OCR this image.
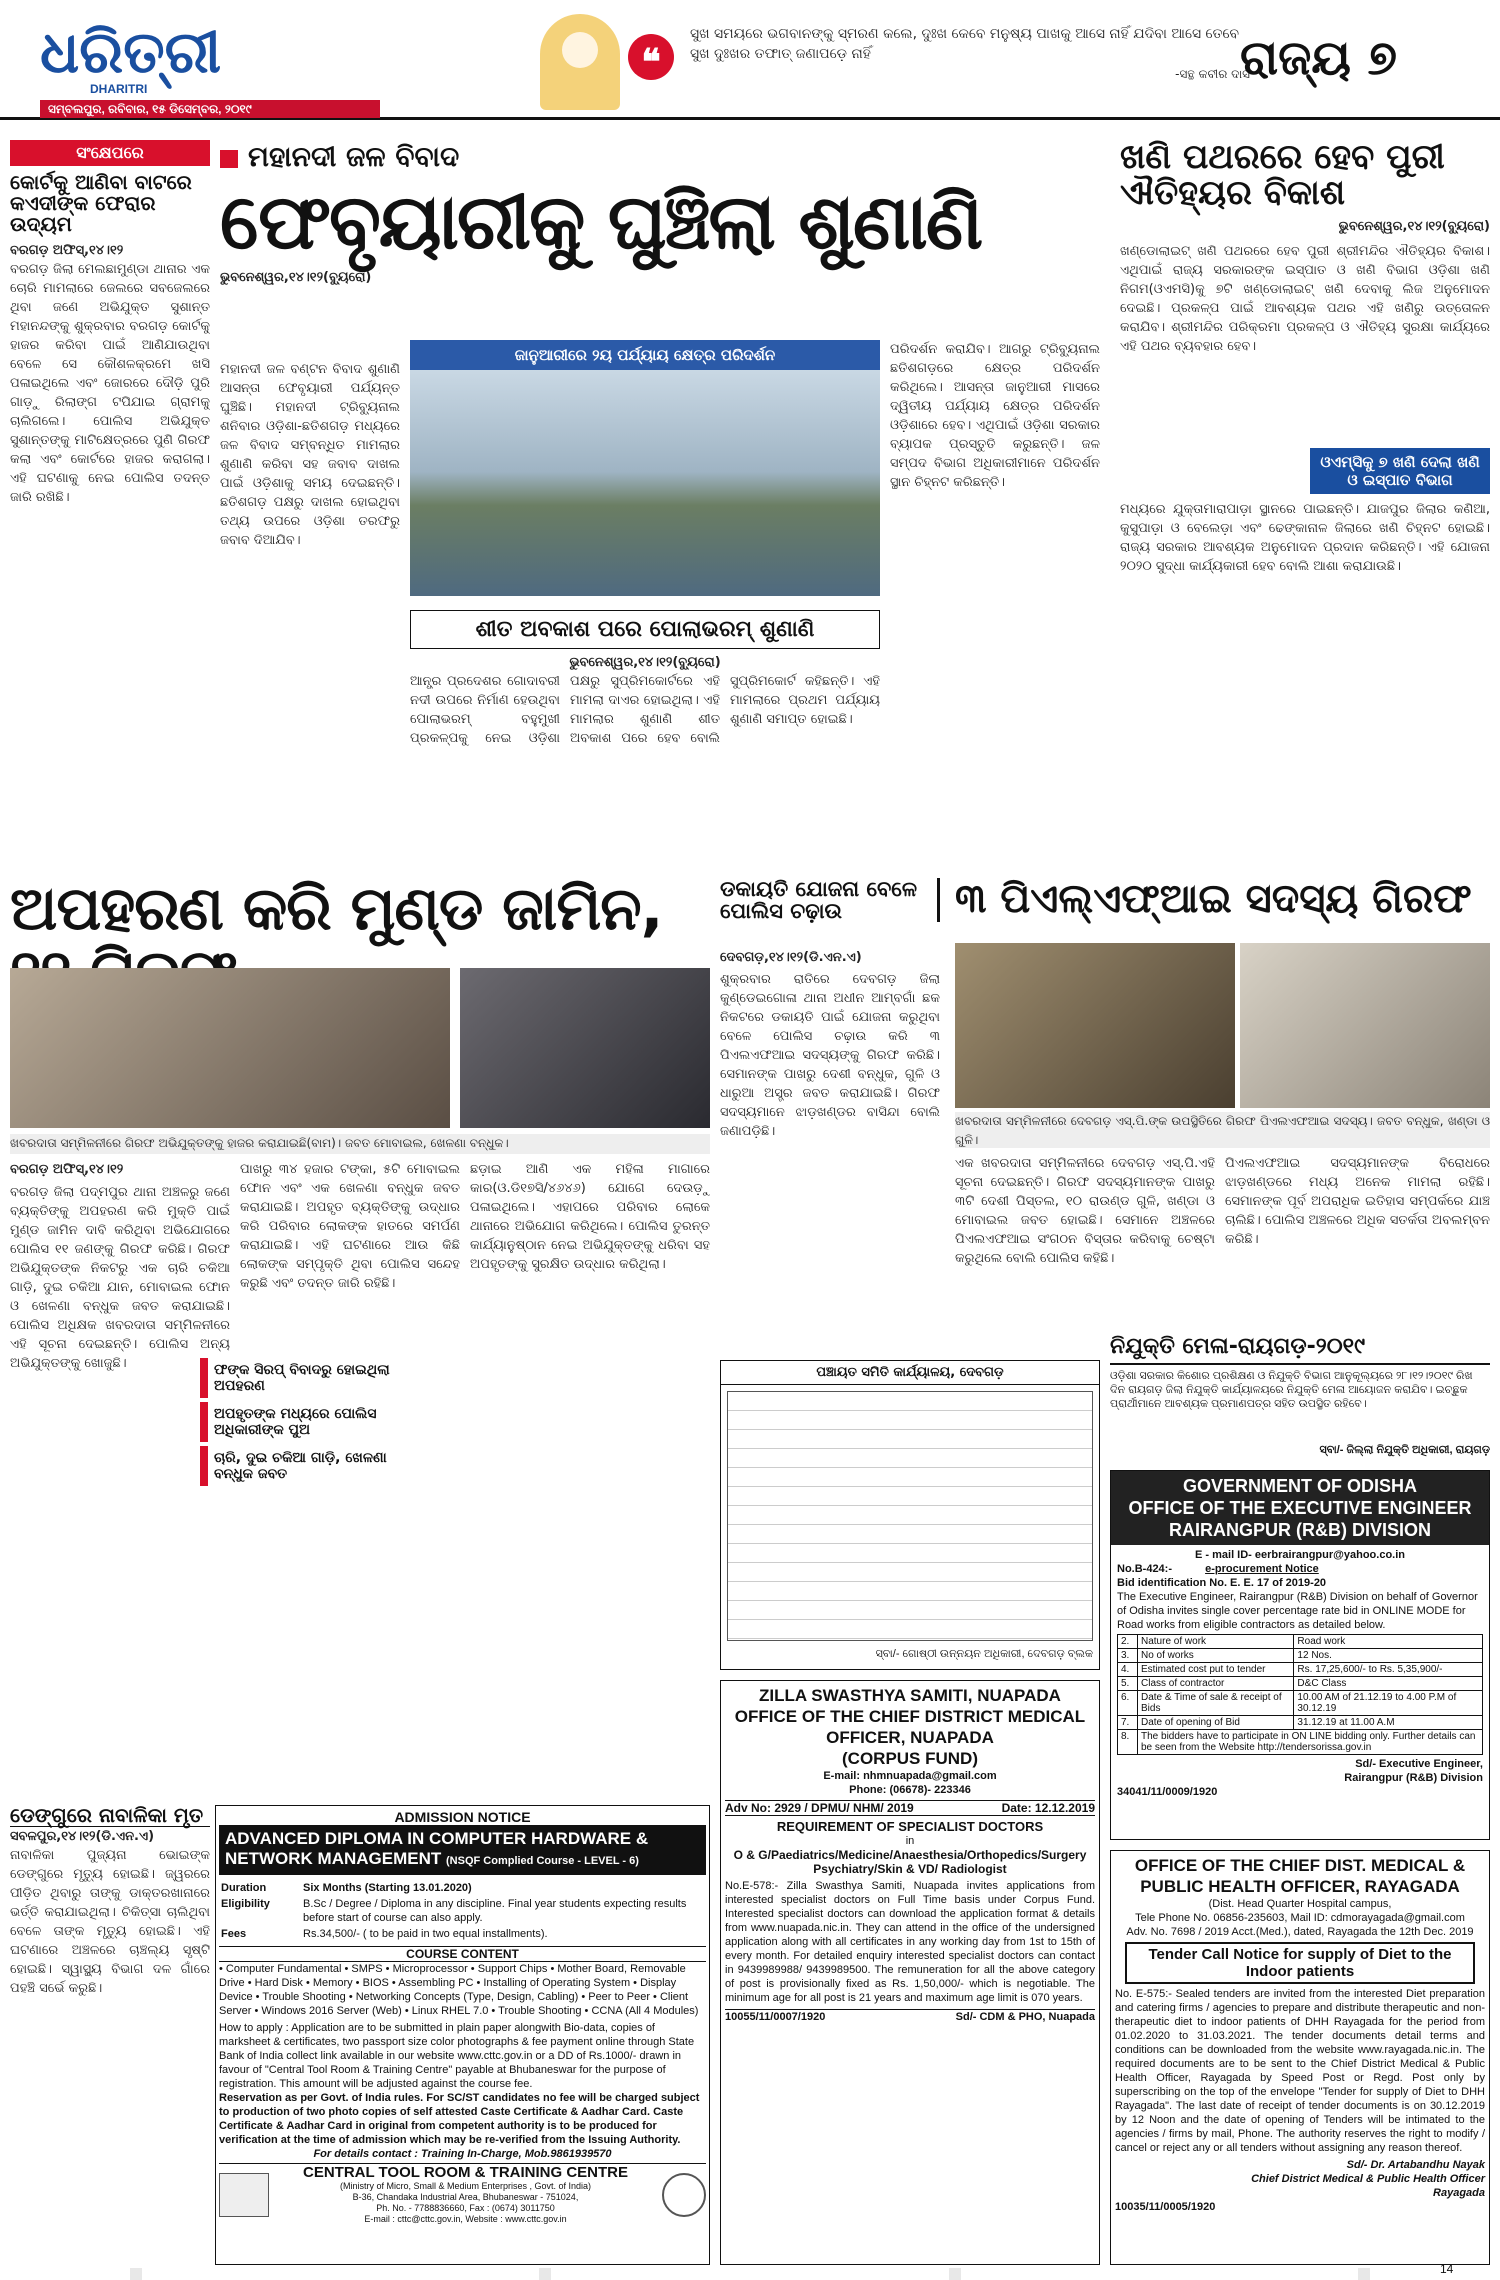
ଧରିତ୍ରୀ
DHARITRI
ସମ୍ବଲପୁର, ରବିବାର, ୧୫ ଡିସେମ୍ବର, ୨୦୧୯
❝
ସୁଖ ସମୟରେ ଭଗବାନଙ୍କୁ ସ୍ମରଣ କଲେ, ଦୁଃଖ କେବେ ମନୁଷ୍ୟ ପାଖକୁ ଆସେ ନାହିଁ ଯଦିବା ଆସେ ତେବେ ସୁଖ ଦୁଃଖର ତଫାତ୍ ଜଣାପଡ଼େ ନାହିଁ
-ସନ୍ଥ କବୀର ଦାସ
ରାଜ୍ୟ ୭
ସଂକ୍ଷେପରେ
କୋର୍ଟକୁ ଆଣିବା ବାଟରେ କଏଦୀଙ୍କ ଫେରାର ଉଦ୍ୟମ
ବରଗଡ଼ ଅଫିସ୍,୧୪।୧୨
ବରଗଡ଼ ଜିଲା ମେଲଛାମୁଣ୍ଡା ଥାନାର ଏକ ଚୋରି ମାମଲାରେ ଜେଲରେ ସବଜେଲରେ ଥିବା ଜଣେ ଅଭିଯୁକ୍ତ ସୁଶାନ୍ତ ମହାନନ୍ଦଙ୍କୁ ଶୁକ୍ରବାର ବରଗଡ଼ କୋର୍ଟକୁ ହାଜର କରିବା ପାଇଁ ଆଣିଯାଉଥିବା ବେଳେ ସେ କୌଶଳକ୍ରମେ ଖସି ପଳାଇଥିଲେ ଏବଂ ଜୋରରେ ଦୌଡ଼ି ପୁରି ଗାଡ଼ୁ ରିଲାଙ୍ଗ ଟପିଯାଇ ଗ୍ରାମକୁ ଚାଲିଗଲେ। ପୋଲିସ ଅଭିଯୁକ୍ତ ସୁଶାନ୍ତଙ୍କୁ ମାଟିକ୍ଷେତ୍ରରେ ପୁଣି ଗିରଫ କଲା ଏବଂ କୋର୍ଟରେ ହାଜର କରାଗଲା। ଏହି ଘଟଣାକୁ ନେଇ ପୋଲିସ ତଦନ୍ତ ଜାରି ରଖିଛି।
ମହାନଦୀ ଜଳ ବିବାଦ
ଫେବୃୟାରୀକୁ ଘୁଞ୍ଚିଲା ଶୁଣାଣି
ଭୁବନେଶ୍ୱର,୧୪।୧୨(ବ୍ୟୁରୋ)
ମହାନଦୀ ଜଳ ବଣ୍ଟନ ବିବାଦ ଶୁଣାଣି ଆସନ୍ତା ଫେବୃୟାରୀ ପର୍ଯ୍ୟନ୍ତ ଘୁଞ୍ଚିଛି। ମହାନଦୀ ଟ୍ରିବ୍ୟୁନାଲ ଶନିବାର ଓଡ଼ିଶା-ଛତିଶଗଡ଼ ମଧ୍ୟରେ ଜଳ ବିବାଦ ସମ୍ବନ୍ଧିତ ମାମଲାର ଶୁଣାଣି କରିବା ସହ ଜବାବ ଦାଖଲ ପାଇଁ ଓଡ଼ିଶାକୁ ସମୟ ଦେଇଛନ୍ତି। ଛତିଶଗଡ଼ ପକ୍ଷରୁ ଦାଖଲ ହୋଇଥିବା ତଥ୍ୟ ଉପରେ ଓଡ଼ିଶା ତରଫରୁ ଜବାବ ଦିଆଯିବ।
ଜାନୁଆରୀରେ ୨ୟ ପର୍ଯ୍ୟାୟ କ୍ଷେତ୍ର ପରିଦର୍ଶନ	ପରିଦର୍ଶନ କରାଯିବ। ଆଗରୁ ଟ୍ରିବ୍ୟୁନାଲ ଛତିଶଗଡ଼ରେ କ୍ଷେତ୍ର ପରିଦର୍ଶନ କରିଥିଲେ। ଆସନ୍ତା ଜାନୁଆରୀ ମାସରେ ଦ୍ୱିତୀୟ ପର୍ଯ୍ୟାୟ କ୍ଷେତ୍ର ପରିଦର୍ଶନ ଓଡ଼ିଶାରେ ହେବ। ଏଥିପାଇଁ ଓଡ଼ିଶା ସରକାର ବ୍ୟାପକ ପ୍ରସ୍ତୁତି କରୁଛନ୍ତି। ଜଳ ସମ୍ପଦ ବିଭାଗ ଅଧିକାରୀମାନେ ପରିଦର୍ଶନ ସ୍ଥାନ ଚିହ୍ନଟ କରିଛନ୍ତି।
ଶୀତ ଅବକାଶ ପରେ ପୋଲାଭରମ୍ ଶୁଣାଣି
ଭୁବନେଶ୍ୱର,୧୪।୧୨(ବ୍ୟୁରୋ)
ଆନ୍ଧ୍ର ପ୍ରଦେଶର ଗୋଦାବରୀ ନଦୀ ଉପରେ ନିର୍ମାଣ ହେଉଥିବା ପୋଲାଭରମ୍ ବହୁମୁଖୀ ପ୍ରକଳ୍ପକୁ ନେଇ ଓଡ଼ିଶା ପକ୍ଷରୁ ସୁପ୍ରିମକୋର୍ଟରେ ଏହି ମାମଲା ଦାଏର ହୋଇଥିଲା। ଏହି ମାମଲାର ଶୁଣାଣି ଶୀତ ଅବକାଶ ପରେ ହେବ ବୋଲି ସୁପ୍ରିମକୋର୍ଟ କହିଛନ୍ତି। ଏହି ମାମଲାରେ ପ୍ରଥମ ପର୍ଯ୍ୟାୟ ଶୁଣାଣି ସମାପ୍ତ ହୋଇଛି।
ଖଣି ପଥରରେ ହେବ ପୁରୀ ଐତିହ୍ୟର ବିକାଶ
ଭୁବନେଶ୍ୱର,୧୪।୧୨(ବ୍ୟୁରୋ)
ଖଣ୍ଡୋଲାଇଟ୍ ଖଣି ପଥରରେ ହେବ ପୁରୀ ଶ୍ରୀମନ୍ଦିର ଐତିହ୍ୟର ବିକାଶ। ଏଥିପାଇଁ ରାଜ୍ୟ ସରକାରଙ୍କ ଇସ୍ପାତ ଓ ଖଣି ବିଭାଗ ଓଡ଼ିଶା ଖଣି ନିଗମ(ଓଏମସି)କୁ ୭ଟି ଖଣ୍ଡୋଲାଇଟ୍ ଖଣି ଦେବାକୁ ଲିଜ ଅନୁମୋଦନ ଦେଇଛି। ପ୍ରକଳ୍ପ ପାଇଁ ଆବଶ୍ୟକ ପଥର ଏହି ଖଣିରୁ ଉତ୍ତୋଳନ କରାଯିବ। ଶ୍ରୀମନ୍ଦିର ପରିକ୍ରମା ପ୍ରକଳ୍ପ ଓ ଐତିହ୍ୟ ସୁରକ୍ଷା କାର୍ଯ୍ୟରେ ଏହି ପଥର ବ୍ୟବହାର ହେବ।
ଓଏମ୍‌ସିକୁ ୭ ଖଣି ଦେଲା ଖଣି ଓ ଇସ୍ପାତ ବିଭାଗ
ମଧ୍ୟରେ ଯୁକ୍ତାମାରାପାଡ଼ା ସ୍ଥାନରେ ପାଇଛନ୍ତି। ଯାଜପୁର ଜିଲାର କଣିଆ, କୁସୁପାଡ଼ା ଓ ବେଲେଡ଼ା ଏବଂ ଢେଙ୍କାନାଳ ଜିଲାରେ ଖଣି ଚିହ୍ନଟ ହୋଇଛି। ରାଜ୍ୟ ସରକାର ଆବଶ୍ୟକ ଅନୁମୋଦନ ପ୍ରଦାନ କରିଛନ୍ତି। ଏହି ଯୋଜନା ୨୦୨୦ ସୁଦ୍ଧା କାର୍ଯ୍ୟକାରୀ ହେବ ବୋଲି ଆଶା କରାଯାଉଛି।
ଅପହରଣ କରି ମୁଣ୍ଡ ଜାମିନ,
ଖବରଦାତା ସମ୍ମିଳନୀରେ ଗିରଫ ଅଭିଯୁକ୍ତଙ୍କୁ ହାଜର କରାଯାଇଛି(ବାମ)। ଜବତ ମୋବାଇଲ, ଖେଳଣା ବନ୍ଧୁକ।
ବରଗଡ଼ ଅଫିସ୍,୧୪।୧୨
ବରଗଡ଼ ଜିଲା ପଦ୍ମପୁର ଥାନା ଅଞ୍ଚଳରୁ ଜଣେ ବ୍ୟକ୍ତିଙ୍କୁ ଅପହରଣ କରି ମୁକ୍ତି ପାଇଁ ମୁଣ୍ଡ ଜାମିନ ଦାବି କରିଥିବା ଅଭିଯୋଗରେ ପୋଲିସ ୧୧ ଜଣଙ୍କୁ ଗିରଫ କରିଛି। ଗିରଫ ଅଭିଯୁକ୍ତଙ୍କ ନିକଟରୁ ଏକ ଚାରି ଚକିଆ ଗାଡ଼ି, ଦୁଇ ଚକିଆ ଯାନ, ମୋବାଇଲ ଫୋନ ଓ ଖେଳଣା ବନ୍ଧୁକ ଜବତ କରାଯାଇଛି। ପୋଲିସ ଅଧିକ୍ଷକ ଖବରଦାତା ସମ୍ମିଳନୀରେ ଏହି ସୂଚନା ଦେଇଛନ୍ତି। ପୋଲିସ ଅନ୍ୟ ଅଭିଯୁକ୍ତଙ୍କୁ ଖୋଜୁଛି।
ପାଖରୁ ୩୪ ହଜାର ଟଙ୍କା, ୫ଟି ମୋବାଇଲ ଫୋନ ଏବଂ ଏକ ଖେଳଣା ବନ୍ଧୁକ ଜବତ କରାଯାଇଛି। ଅପହୃତ ବ୍ୟକ୍ତିଙ୍କୁ ଉଦ୍ଧାର କରି ପରିବାର ଲୋକଙ୍କ ହାତରେ ସମର୍ପଣ କରାଯାଇଛି। ଏହି ଘଟଣାରେ ଆଉ କିଛି ଲୋକଙ୍କ ସମ୍ପୃକ୍ତି ଥିବା ପୋଲିସ ସନ୍ଦେହ କରୁଛି ଏବଂ ତଦନ୍ତ ଜାରି ରହିଛି।
ଛଡ଼ାଇ ଆଣି ଏକ ମହିଳା ମାଗାରେ କାର(ଓ.ଡି୧୭ସି/୪୬୪୬) ଯୋଗେ ଦେଉଡ଼ୁ ପଳାଇଥିଲେ। ଏହାପରେ ପରିବାର ଲୋକେ ଥାନାରେ ଅଭିଯୋଗ କରିଥିଲେ। ପୋଲିସ ତୁରନ୍ତ କାର୍ଯ୍ୟାନୁଷ୍ଠାନ ନେଇ ଅଭିଯୁକ୍ତଙ୍କୁ ଧରିବା ସହ ଅପହୃତଙ୍କୁ ସୁରକ୍ଷିତ ଉଦ୍ଧାର କରିଥିଲା।
ଫଙ୍କ ସିରପ୍ ବିବାଦରୁ ହୋଇଥିଲା ଅପହରଣ
ଅପହୃତଙ୍କ ମଧ୍ୟରେ ପୋଲିସ ଅଧିକାରୀଙ୍କ ପୁଅ
ଚାରି, ଦୁଇ ଚକିଆ ଗାଡ଼ି, ଖେଳଣା ବନ୍ଧୁକ ଜବତ
ଡକାୟତି ଯୋଜନା ବେଳେ ପୋଲିସ ଚଢ଼ାଉ	୩ ପିଏଲ୍‌ଏଫ୍‌ଆଇ ସଦସ୍ୟ ଗିରଫ
ଦେବଗଡ଼,୧୪।୧୨(ଡି.ଏନ.ଏ)
ଶୁକ୍ରବାର ରାତିରେ ଦେବଗଡ଼ ଜିଲା କୁଣ୍ଡେଇଗୋଳା ଥାନା ଅଧୀନ ଆମ୍ବଗାଁ ଛକ ନିକଟରେ ଡକାୟତି ପାଇଁ ଯୋଜନା କରୁଥିବା ବେଳେ ପୋଲିସ ଚଢ଼ାଉ କରି ୩ ପିଏଲଏଫଆଇ ସଦସ୍ୟଙ୍କୁ ଗିରଫ କରିଛି। ସେମାନଙ୍କ ପାଖରୁ ଦେଶୀ ବନ୍ଧୁକ, ଗୁଳି ଓ ଧାରୁଆ ଅସ୍ତ୍ର ଜବତ କରାଯାଇଛି। ଗିରଫ ସଦସ୍ୟମାନେ ଝାଡ଼ଖଣ୍ଡର ବାସିନ୍ଦା ବୋଲି ଜଣାପଡ଼ିଛି।
ଖବରଦାତା ସମ୍ମିଳନୀରେ ଦେବଗଡ଼ ଏସ୍.ପି.ଙ୍କ ଉପସ୍ଥିତିରେ ଗିରଫ ପିଏଲଏଫଆଇ ସଦସ୍ୟ। ଜବତ ବନ୍ଧୁକ, ଖଣ୍ଡା ଓ ଗୁଳି।
ଏକ ଖବରଦାତା ସମ୍ମିଳନୀରେ ଦେବଗଡ଼ ଏସ୍.ପି.ଏହି ସୂଚନା ଦେଇଛନ୍ତି। ଗିରଫ ସଦସ୍ୟମାନଙ୍କ ପାଖରୁ ୩ଟି ଦେଶୀ ପିସ୍ତଲ, ୧୦ ରାଉଣ୍ଡ ଗୁଳି, ଖଣ୍ଡା ଓ ମୋବାଇଲ ଜବତ ହୋଇଛି। ସେମାନେ ଅଞ୍ଚଳରେ ପିଏଲଏଫଆଇ ସଂଗଠନ ବିସ୍ତାର କରିବାକୁ ଚେଷ୍ଟା କରୁଥିଲେ ବୋଲି ପୋଲିସ କହିଛି।
ପିଏଲଏଫଆଇ ସଦସ୍ୟମାନଙ୍କ ବିରୋଧରେ ଝାଡ଼ଖଣ୍ଡରେ ମଧ୍ୟ ଅନେକ ମାମଲା ରହିଛି। ସେମାନଙ୍କ ପୂର୍ବ ଅପରାଧିକ ଇତିହାସ ସମ୍ପର୍କରେ ଯାଞ୍ଚ ଚାଲିଛି। ପୋଲିସ ଅଞ୍ଚଳରେ ଅଧିକ ସତର୍କତା ଅବଲମ୍ବନ କରିଛି।
ନିଯୁକ୍ତି ମେଳା-ରାୟଗଡ଼-୨୦୧୯
ଓଡ଼ିଶା ସରକାର କିଶୋର ପ୍ରଶିକ୍ଷଣ ଓ ନିଯୁକ୍ତି ବିଭାଗ ଆନୁକୂଲ୍ୟରେ ୨୮।୧୨।୨୦୧୯ ରିଖ ଦିନ ରାୟଗଡ଼ ଜିଲା ନିଯୁକ୍ତି କାର୍ଯ୍ୟାଳୟରେ ନିଯୁକ୍ତି ମେଳା ଆୟୋଜନ କରାଯିବ। ଇଚ୍ଛୁକ ପ୍ରାର୍ଥୀମାନେ ଆବଶ୍ୟକ ପ୍ରମାଣପତ୍ର ସହିତ ଉପସ୍ଥିତ ରହିବେ।
ସ୍ବା/- ଜିଲ୍ଲା ନିଯୁକ୍ତି ଅଧିକାରୀ, ରାୟଗଡ଼
ପଞ୍ଚାୟତ ସମିତି କାର୍ଯ୍ୟାଳୟ, ଦେବଗଡ଼
ସ୍ବା/- ଗୋଷ୍ଠୀ ଉନ୍ନୟନ ଅଧିକାରୀ, ଦେବଗଡ଼ ବ୍ଲକ
GOVERNMENT OF ODISHA
OFFICE OF THE EXECUTIVE ENGINEER
RAIRANGPUR (R&B) DIVISION
E - mail ID- eerbrairangpur@yahoo.co.in
No.B-424:-	e-procurement Notice
Bid identification No. E. E. 17 of 2019-20
The Executive Engineer, Rairangpur (R&B) Division on behalf of Governor of Odisha invites single cover percentage rate bid in ONLINE MODE for Road works from eligible contractors as detailed below.
2.	Nature of work	Road work
3.	No of works	12 Nos.
4.	Estimated cost put to tender	Rs. 17,25,600/- to Rs. 5,35,900/-
5.	Class of contractor	D&C Class
6.	Date & Time of sale & receipt of Bids	10.00 AM of 21.12.19 to 4.00 P.M of 30.12.19
7.	Date of opening of Bid	31.12.19 at 11.00 A.M
8.	The bidders have to participate in ON LINE bidding only. Further details can be seen from the Website http://tendersorissa.gov.in	
Sd/- Executive Engineer,
Rairangpur (R&B) Division
34041/11/0009/1920
ଡେଙ୍ଗୁରେ ନାବାଳିକା ମୃତ
ସବଳପୁର,୧୪।୧୨(ଡି.ଏନ.ଏ)
ନାବାଳିକା ପୁଜ୍ୟନା ଭୋଇଙ୍କ ଡେଙ୍ଗୁରେ ମୃତ୍ୟୁ ହୋଇଛି। ଜ୍ୱରରେ ପୀଡ଼ିତ ଥିବାରୁ ତାଙ୍କୁ ଡାକ୍ତରଖାନାରେ ଭର୍ତ୍ତି କରାଯାଇଥିଲା। ଚିକିତ୍ସା ଚାଲିଥିବା ବେଳେ ତାଙ୍କ ମୃତ୍ୟୁ ହୋଇଛି। ଏହି ଘଟଣାରେ ଅଞ୍ଚଳରେ ଚାଞ୍ଚଲ୍ୟ ସୃଷ୍ଟି ହୋଇଛି। ସ୍ୱାସ୍ଥ୍ୟ ବିଭାଗ ଦଳ ଗାଁରେ ପହଞ୍ଚି ସର୍ଭେ କରୁଛି।
ADMISSION NOTICE
ADVANCED DIPLOMA IN COMPUTER HARDWARE & NETWORK MANAGEMENT (NSQF Complied Course - LEVEL - 6)
Duration	Six Months (Starting 13.01.2020)
Eligibility	B.Sc / Degree / Diploma in any discipline. Final year students expecting results before start of course can also apply.
Fees	Rs.34,500/- ( to be paid in two equal installments).
COURSE CONTENT
• Computer Fundamental • SMPS • Microprocessor • Support Chips • Mother Board, Removable Drive • Hard Disk • Memory • BIOS • Assembling PC • Installing of Operating System • Display Device • Trouble Shooting • Networking Concepts (Type, Design, Cabling) • Peer to Peer • Client Server • Windows 2016 Server (Web) • Linux RHEL 7.0 • Trouble Shooting • CCNA (All 4 Modules)
How to apply : Application are to be submitted in plain paper alongwith Bio-data, copies of marksheet & certificates, two passport size color photographs & fee payment online through State Bank of India collect link available in our website www.cttc.gov.in or a DD of Rs.1000/- drawn in favour of "Central Tool Room & Training Centre" payable at Bhubaneswar for the purpose of registration. This amount will be adjusted against the course fee.
Reservation as per Govt. of India rules. For SC/ST candidates no fee will be charged subject to production of two photo copies of self attested Caste Certificate & Aadhar Card. Caste Certificate & Aadhar Card in original from competent authority is to be produced for verification at the time of admission which may be re-verified from the Issuing Authority.
For details contact : Training In-Charge, Mob.9861939570
CENTRAL TOOL ROOM & TRAINING CENTRE
(Ministry of Micro, Small & Medium Enterprises , Govt. of India)
B-36, Chandaka Industrial Area, Bhubaneswar - 751024,
Ph. No. - 7788836660, Fax : (0674) 3011750
E-mail : cttc@cttc.gov.in, Website : www.cttc.gov.in
ZILLA SWASTHYA SAMITI, NUAPADA
OFFICE OF THE CHIEF DISTRICT MEDICAL OFFICER, NUAPADA
(CORPUS FUND)
E-mail: nhmnuapada@gmail.com
Phone: (06678)- 223346
Adv No: 2929 / DPMU/ NHM/ 2019	Date: 12.12.2019
REQUIREMENT OF SPECIALIST DOCTORS
in
O & G/Paediatrics/Medicine/Anaesthesia/Orthopedics/Surgery Psychiatry/Skin & VD/ Radiologist
No.E-578:- Zilla Swasthya Samiti, Nuapada invites applications from interested specialist doctors on Full Time basis under Corpus Fund. Interested specialist doctors can download the application format & details from www.nuapada.nic.in. They can attend in the office of the undersigned application along with all certificates in any working day from 1st to 15th of every month. For detailed enquiry interested specialist doctors can contact in 9439989988/ 9439989500. The remuneration for all the above category of post is provisionally fixed as Rs. 1,50,000/- which is negotiable. The minimum age for all post is 21 years and maximum age limit is 070 years.
10055/11/0007/1920	Sd/- CDM & PHO, Nuapada
OFFICE OF THE CHIEF DIST. MEDICAL & PUBLIC HEALTH OFFICER, RAYAGADA
(Dist. Head Quarter Hospital campus,
Tele Phone No. 06856-235603, Mail ID: cdmorayagada@gmail.com
Adv. No. 7698 / 2019 Acct.(Med.), dated, Rayagada the 12th Dec. 2019
Tender Call Notice for supply of Diet to the Indoor patients
No. E-575:- Sealed tenders are invited from the interested Diet preparation and catering firms / agencies to prepare and distribute therapeutic and non-therapeutic diet to indoor patients of DHH Rayagada for the period from 01.02.2020 to 31.03.2021. The tender documents detail terms and conditions can be downloaded from the website www.rayagada.nic.in. The required documents are to be sent to the Chief District Medical & Public Health Officer, Rayagada by Speed Post or Regd. Post only by superscribing on the top of the envelope "Tender for supply of Diet to DHH Rayagada". The last date of receipt of tender documents is on 30.12.2019 by 12 Noon and the date of opening of Tenders will be intimated to the agencies / firms by mail, Phone. The authority reserves the right to modify / cancel or reject any or all tenders without assigning any reason thereof.
Sd/- Dr. Artabandhu Nayak
Chief District Medical & Public Health Officer
Rayagada
10035/11/0005/1920
14
